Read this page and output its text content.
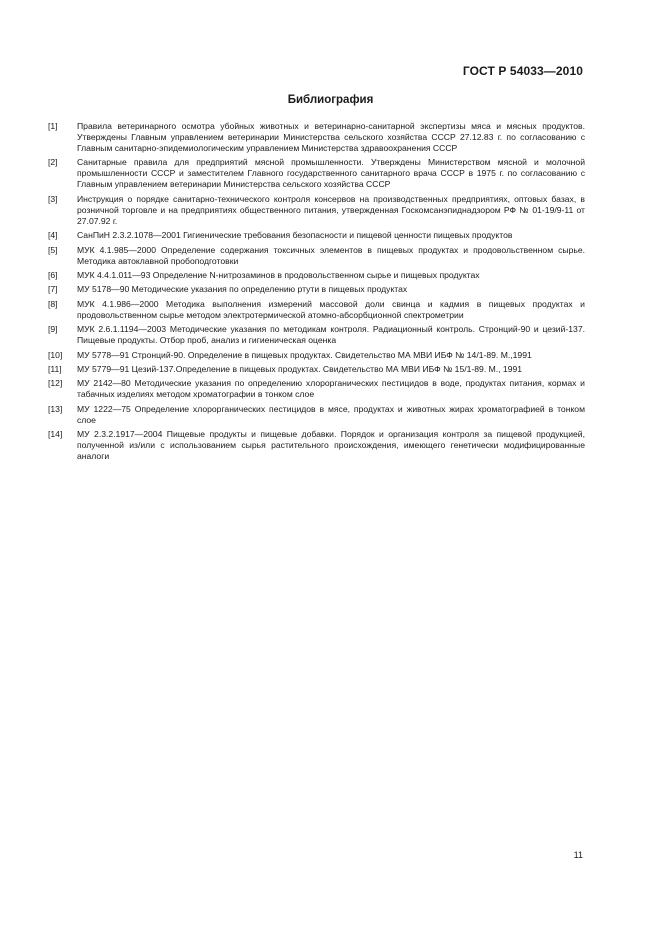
ГОСТ Р 54033—2010
Библиография
[1]	Правила ветеринарного осмотра убойных животных и ветеринарно-санитарной экспертизы мяса и мясных продуктов. Утверждены Главным управлением ветеринарии Министерства сельского хозяйства СССР 27.12.83 г. по согласованию с Главным санитарно-эпидемиологическим управлением Министерства здравоохранения СССР
[2]	Санитарные правила для предприятий мясной промышленности. Утверждены Министерством мясной и молочной промышленности СССР и заместителем Главного государственного санитарного врача СССР в 1975 г. по согласованию с Главным управлением ветеринарии Министерства сельского хозяйства СССР
[3]	Инструкция о порядке санитарно-технического контроля консервов на производственных предприятиях, оптовых базах, в розничной торговле и на предприятиях общественного питания, утвержденная Госкомсанэпиднадзором РФ № 01-19/9-11 от 27.07.92 г.
[4]	СанПиН 2.3.2.1078—2001 Гигиенические требования безопасности и пищевой ценности пищевых продуктов
[5]	МУК 4.1.985—2000 Определение содержания токсичных элементов в пищевых продуктах и продовольственном сырье. Методика автоклавной пробоподготовки
[6]	МУК 4.4.1.011—93 Определение N-нитрозаминов в продовольственном сырье и пищевых продуктах
[7]	МУ 5178—90 Методические указания по определению ртути в пищевых продуктах
[8]	МУК 4.1.986—2000 Методика выполнения измерений массовой доли свинца и кадмия в пищевых продуктах и продовольственном сырье методом электротермической атомно-абсорбционной спектрометрии
[9]	МУК 2.6.1.1194—2003 Методические указания по методикам контроля. Радиационный контроль. Стронций-90 и цезий-137. Пищевые продукты. Отбор проб, анализ и гигиеническая оценка
[10]	МУ 5778—91 Стронций-90. Определение в пищевых продуктах. Свидетельство МА МВИ ИБФ № 14/1-89. М.,1991
[11]	МУ 5779—91 Цезий-137.Определение в пищевых продуктах. Свидетельство МА МВИ ИБФ № 15/1-89. М., 1991
[12]	МУ 2142—80 Методические указания по определению хлорорганических пестицидов в воде, продуктах питания, кормах и табачных изделиях методом хроматографии в тонком слое
[13]	МУ 1222—75 Определение хлорорганических пестицидов в мясе, продуктах и животных жирах хроматографией в тонком слое
[14]	МУ 2.3.2.1917—2004 Пищевые продукты и пищевые добавки. Порядок и организация контроля за пищевой продукцией, полученной из/или с использованием сырья растительного происхождения, имеющего генетически модифицированные аналоги
11
